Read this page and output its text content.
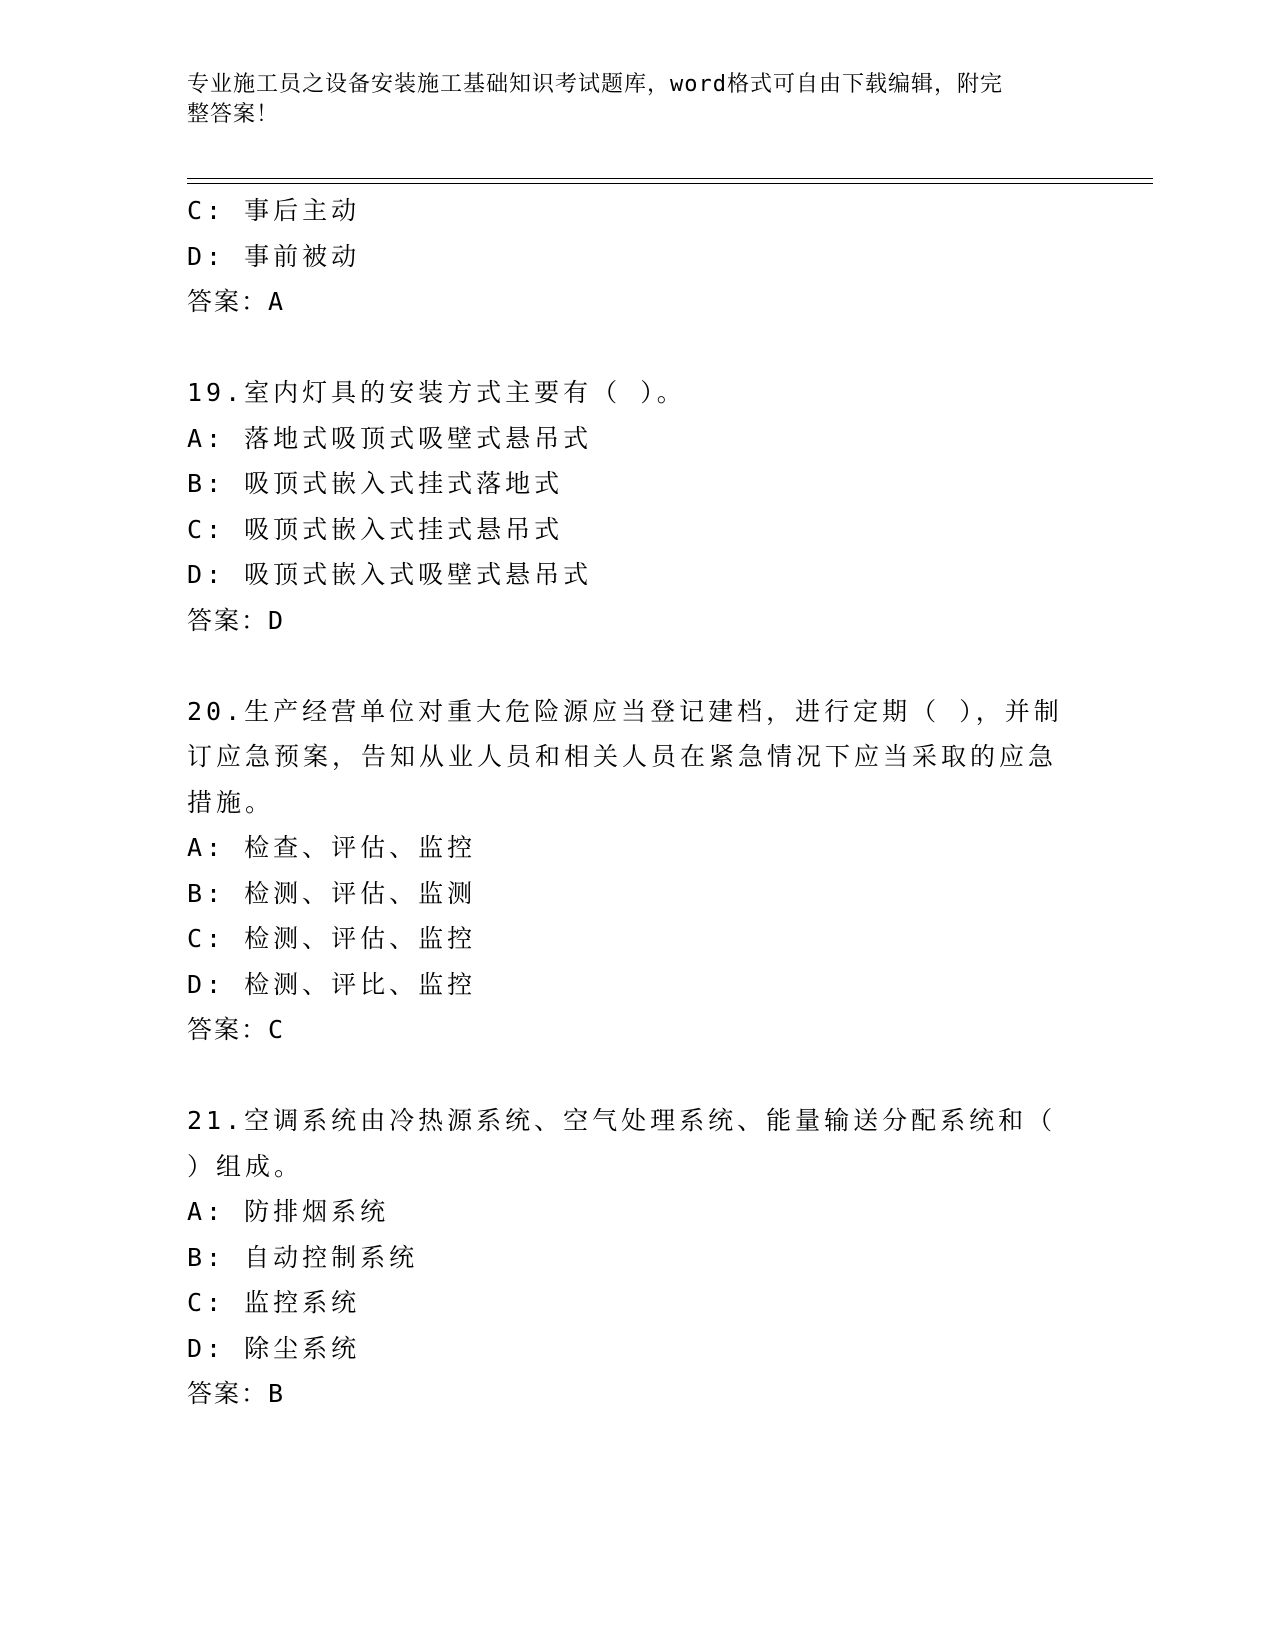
专业施工员之设备安装施工基础知识考试题库，word格式可自由下载编辑，附完
整答案！
C: 事后主动
D: 事前被动
答案：A
19.室内灯具的安装方式主要有（ ）。
A: 落地式吸顶式吸壁式悬吊式
B: 吸顶式嵌入式挂式落地式
C: 吸顶式嵌入式挂式悬吊式
D: 吸顶式嵌入式吸壁式悬吊式
答案：D
20.生产经营单位对重大危险源应当登记建档，进行定期（ ），并制
订应急预案，告知从业人员和相关人员在紧急情况下应当采取的应急
措施。
A: 检查、评估、监控
B: 检测、评估、监测
C: 检测、评估、监控
D: 检测、评比、监控
答案：C
21.空调系统由冷热源系统、空气处理系统、能量输送分配系统和（
）组成。
A: 防排烟系统
B: 自动控制系统
C: 监控系统
D: 除尘系统
答案：B
